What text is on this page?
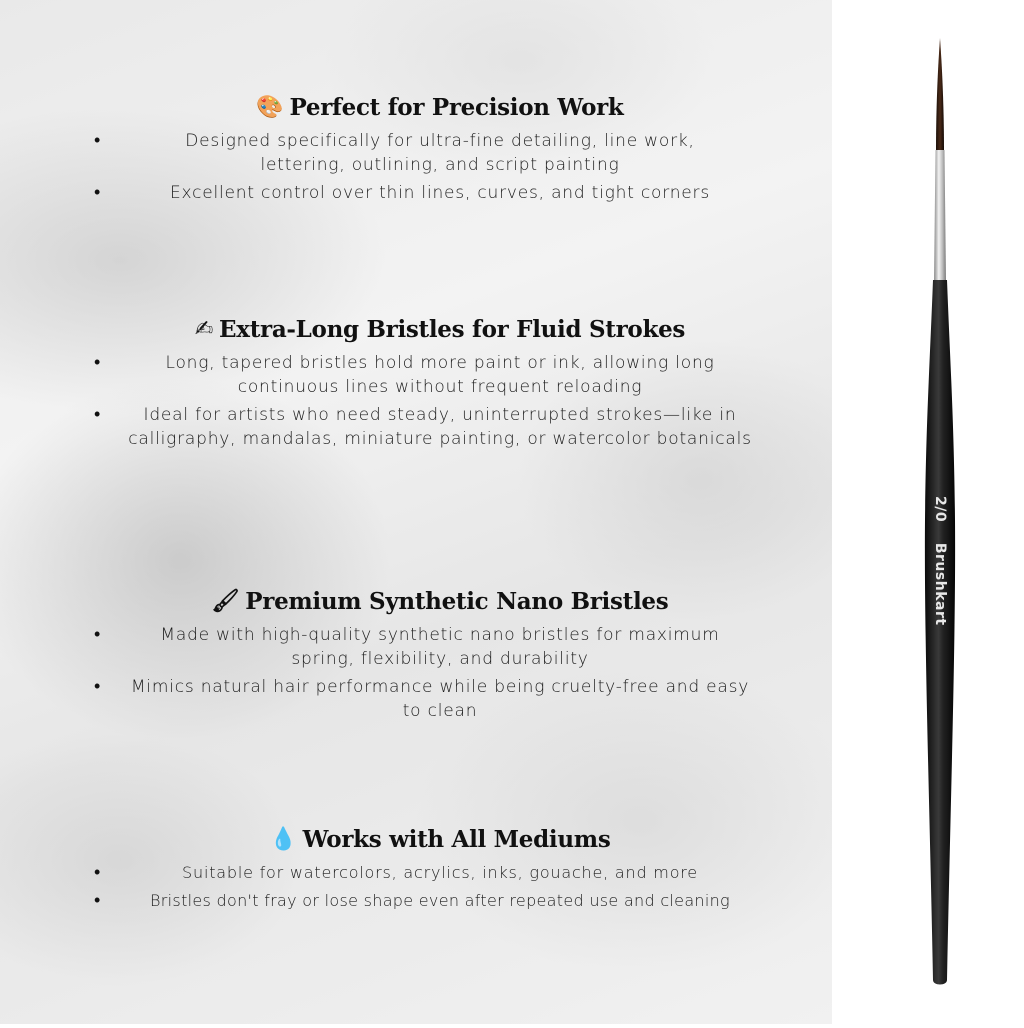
🎨 Perfect for Precision Work
• Designed specifically for ultra-fine detailing, line work, lettering, outlining, and script painting
• Excellent control over thin lines, curves, and tight corners
✍ Extra-Long Bristles for Fluid Strokes
• Long, tapered bristles hold more paint or ink, allowing long continuous lines without frequent reloading
• Ideal for artists who need steady, uninterrupted strokes—like in calligraphy, mandalas, miniature painting, or watercolor botanicals
🖌 Premium Synthetic Nano Bristles
• Made with high-quality synthetic nano bristles for maximum spring, flexibility, and durability
• Mimics natural hair performance while being cruelty-free and easy to clean
💧 Works with All Mediums
• Suitable for watercolors, acrylics, inks, gouache, and more
• Bristles don't fray or lose shape even after repeated use and cleaning
2/0  Brushkart
